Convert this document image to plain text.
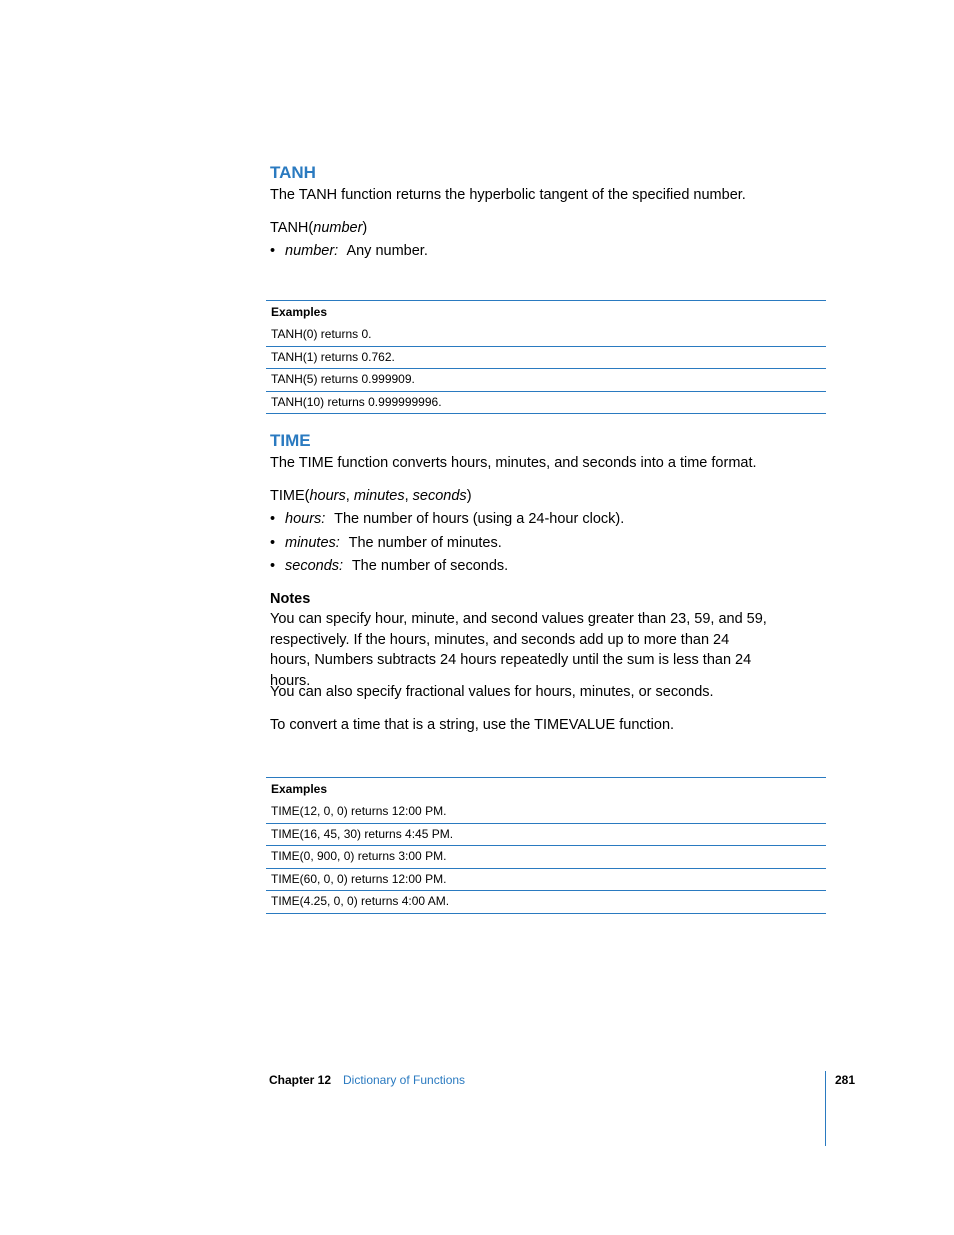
TANH

The TANH function returns the hyperbolic tangent of the specified number.

TANH(number)

• number: Any number.
Examples
TANH(0) returns 0.
TANH(1) returns 0.762.
TANH(5) returns 0.999909.
TANH(10) returns 0.999999996.
TIME

The TIME function converts hours, minutes, and seconds into a time format.

TIME(hours, minutes, seconds)

• hours: The number of hours (using a 24-hour clock).
• minutes: The number of minutes.
• seconds: The number of seconds.
Notes

You can specify hour, minute, and second values greater than 23, 59, and 59, respectively. If the hours, minutes, and seconds add up to more than 24 hours, Numbers subtracts 24 hours repeatedly until the sum is less than 24 hours.

You can also specify fractional values for hours, minutes, or seconds.

To convert a time that is a string, use the TIMEVALUE function.

Examples
TIME(12, 0, 0) returns 12:00 PM.
TIME(16, 45, 30) returns 4:45 PM.
TIME(0, 900, 0) returns 3:00 PM.
TIME(60, 0, 0) returns 12:00 PM.
TIME(4.25, 0, 0) returns 4:00 AM.
Chapter 12 Dictionary of Functions	281
